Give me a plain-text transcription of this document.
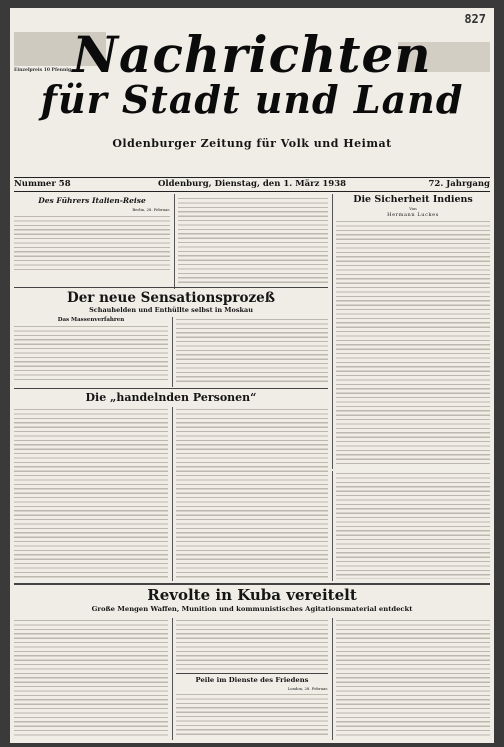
827
Einzelpreis 10 Pfennig Nachrichten
für Stadt und Land
Oldenburger Zeitung für Volk und Heimat
Nummer 58	Oldenburg, Dienstag, den 1. März 1938	72. Jahrgang
Des Führers Italien-Reise
Berlin, 28. Februar.
Die Sicherheit Indiens
Von
Hermann Luckes
Der neue Sensationsprozeß
Schauhelden und Enthüllte selbst in Moskau
Das Massenverfahren
Die „handelnden Personen“
Revolte in Kuba vereitelt
Große Mengen Waffen, Munition und kommunistisches Agitationsmaterial entdeckt
Peile im Dienste des Friedens
London, 28. Februar.
